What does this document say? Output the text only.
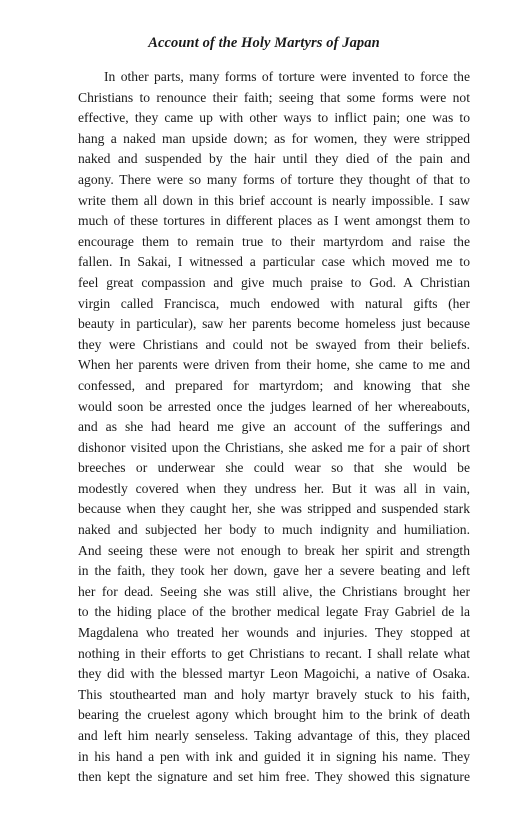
Account of the Holy Martyrs of Japan
In other parts, many forms of torture were invented to force the
Christians to renounce their faith; seeing that some forms were not
effective, they came up with other ways to inflict pain; one was to
hang a naked man upside down; as for women, they were stripped
naked and suspended by the hair until they died of the pain and
agony. There were so many forms of torture they thought of that to
write them all down in this brief account is nearly impossible. I saw
much of these tortures in different places as I went amongst them to
encourage them to remain true to their martyrdom and raise the
fallen. In Sakai, I witnessed a particular case which moved me to
feel great compassion and give much praise to God. A Christian
virgin called Francisca, much endowed with natural gifts (her
beauty in particular), saw her parents become homeless just because
they were Christians and could not be swayed from their beliefs.
When her parents were driven from their home, she came to me and
confessed, and prepared for martyrdom; and knowing that she
would soon be arrested once the judges learned of her whereabouts,
and as she had heard me give an account of the sufferings and
dishonor visited upon the Christians, she asked me for a pair of short
breeches or underwear she could wear so that she would be
modestly covered when they undress her. But it was all in vain,
because when they caught her, she was stripped and suspended stark
naked and subjected her body to much indignity and humiliation.
And seeing these were not enough to break her spirit and strength
in the faith, they took her down, gave her a severe beating and left
her for dead. Seeing she was still alive, the Christians brought her
to the hiding place of the brother medical legate Fray Gabriel de la
Magdalena who treated her wounds and injuries. They stopped at
nothing in their efforts to get Christians to recant. I shall relate what
they did with the blessed martyr Leon Magoichi, a native of Osaka.
This stouthearted man and holy martyr bravely stuck to his faith,
bearing the cruelest agony which brought him to the brink of death
and left him nearly senseless. Taking advantage of this, they placed
in his hand a pen with ink and guided it in signing his name. They
then kept the signature and set him free. They showed this signature
